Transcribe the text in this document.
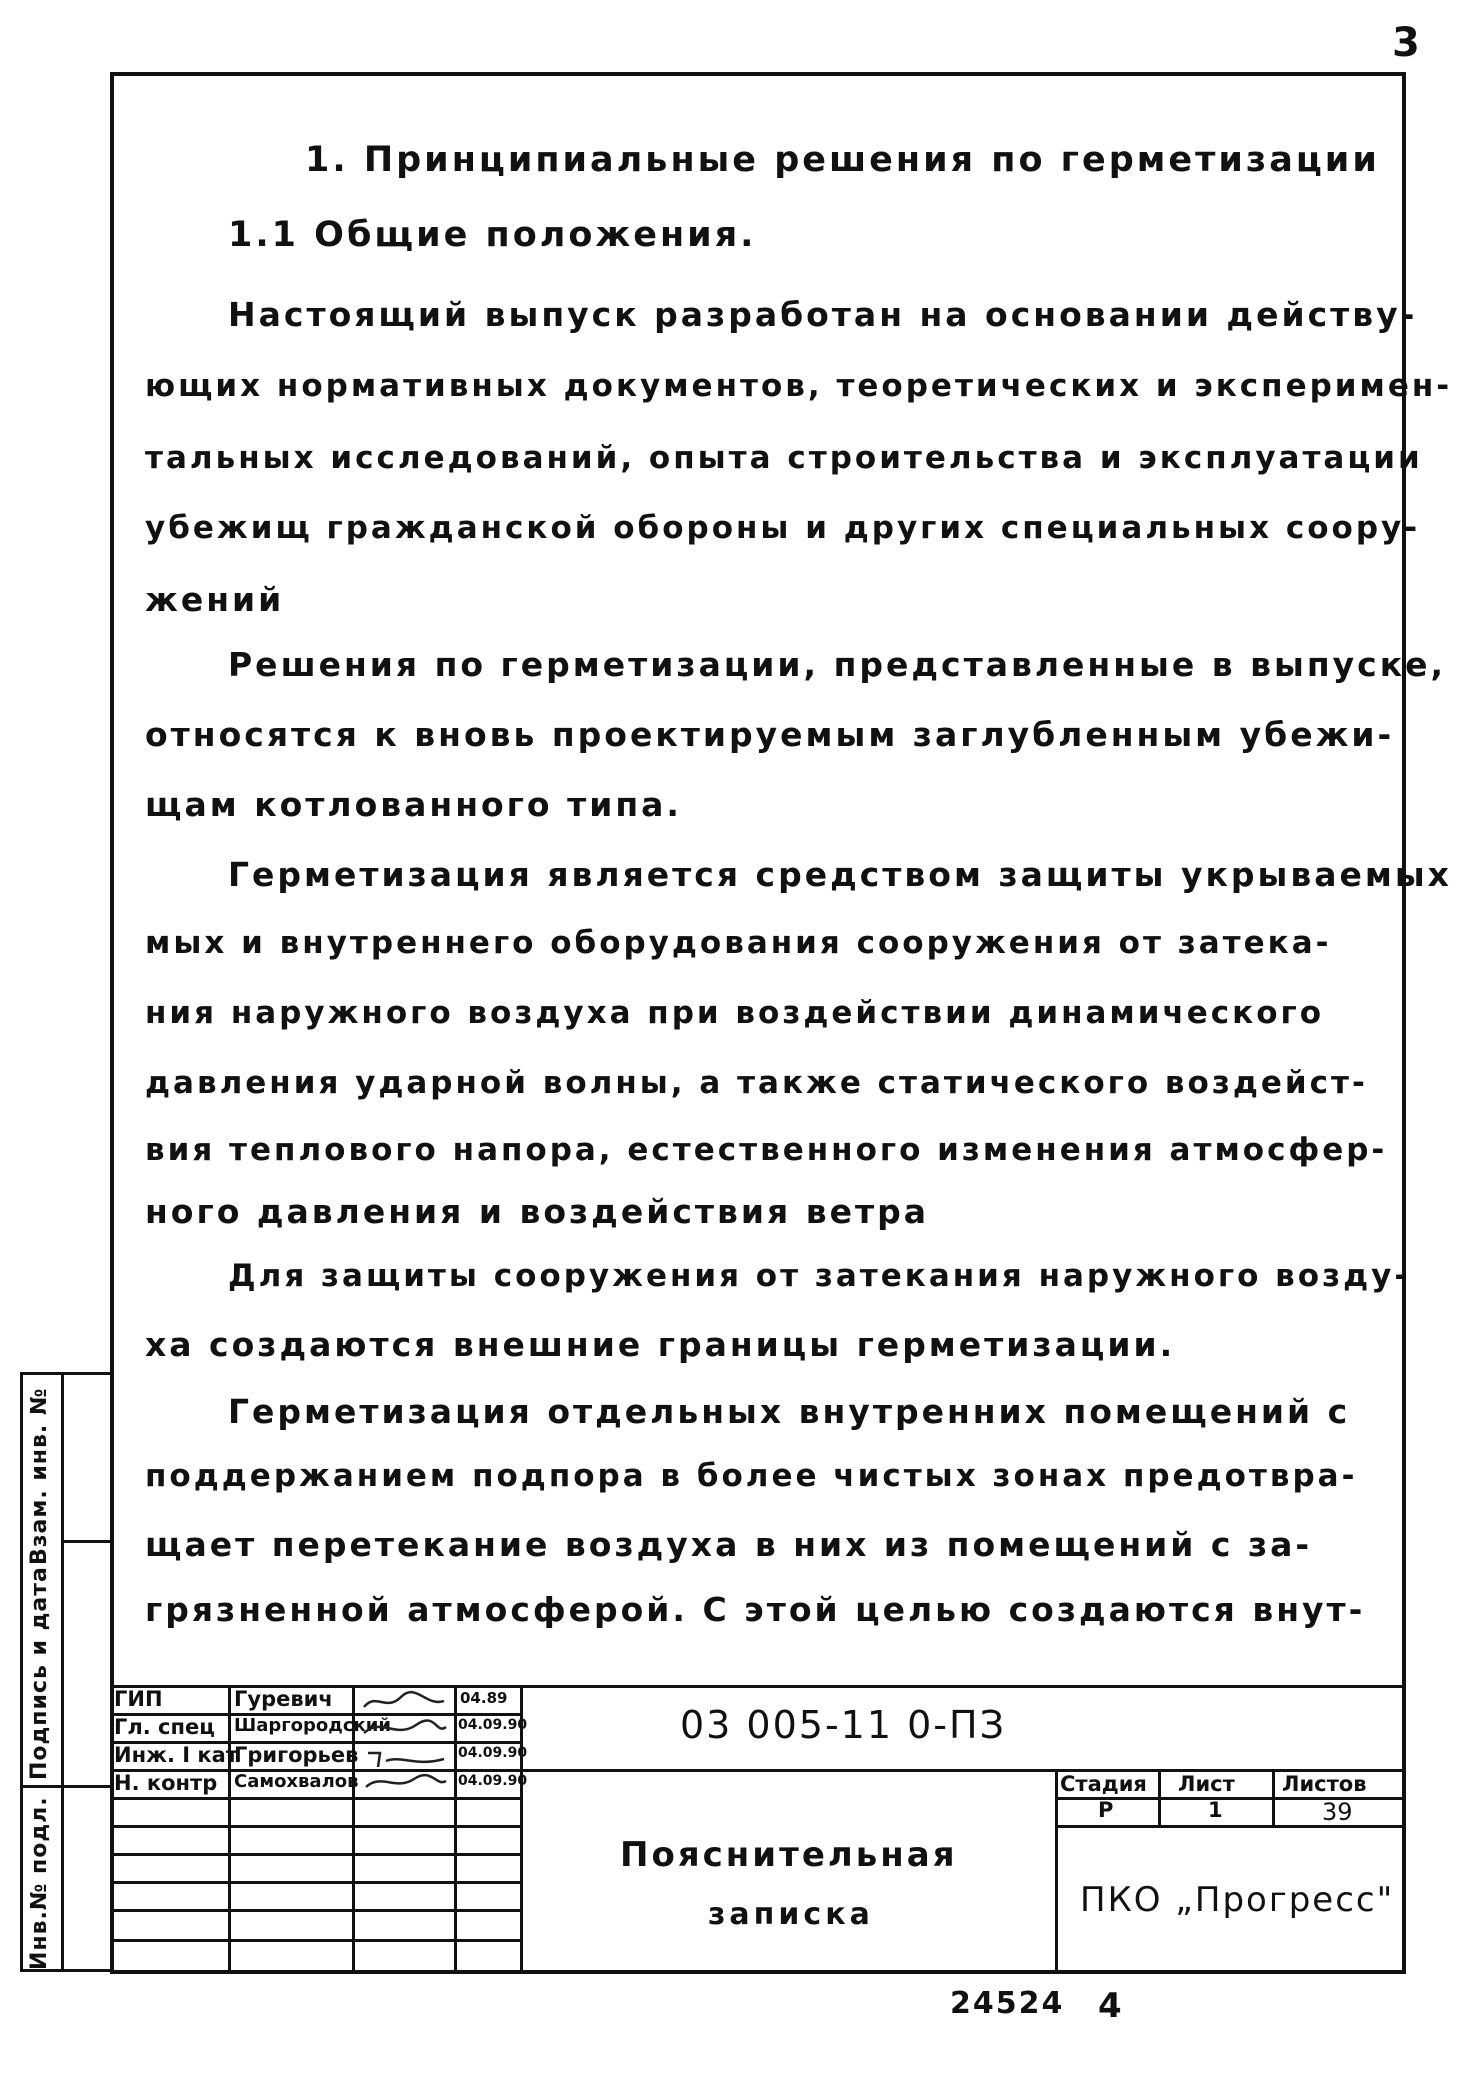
3
1. Принципиальные решения по герметизации
1.1 Общие положения.
Настоящий выпуск разработан на основании действу-
ющих нормативных документов, теоретических и эксперимен-
тальных исследований, опыта строительства и эксплуатации
убежищ гражданской обороны и других специальных соору-
жений
Решения по герметизации, представленные в выпуске,
относятся к вновь проектируемым заглубленным убежи-
щам котлованного типа.
Герметизация является средством защиты укрываемых
мых и внутреннего оборудования сооружения от затека-
ния наружного воздуха при воздействии динамического
давления ударной волны, а также статического воздейст-
вия теплового напора, естественного изменения атмосфер-
ного давления и воздействия ветра
Для защиты сооружения от затекания наружного возду-
ха создаются внешние границы герметизации.
Герметизация отдельных внутренних помещений с
поддержанием подпора в более чистых зонах предотвра-
щает перетекание воздуха в них из помещений с за-
грязненной атмосферой. С этой целью создаются внут-
Инв.№ подл.
Подпись и дата
Взам. инв. №
ГИП
Гл. спец
Инж. I кат
Н. контр
Гуревич
Шаргородский
Григорьев
Самохвалов
04.89
04.09.90
04.09.90
04.09.90
03 005-11 0-ПЗ
Пояснительная
записка
Стадия Лист Листов
Р	1	39
ПКО „Прогресс"
24524 4
